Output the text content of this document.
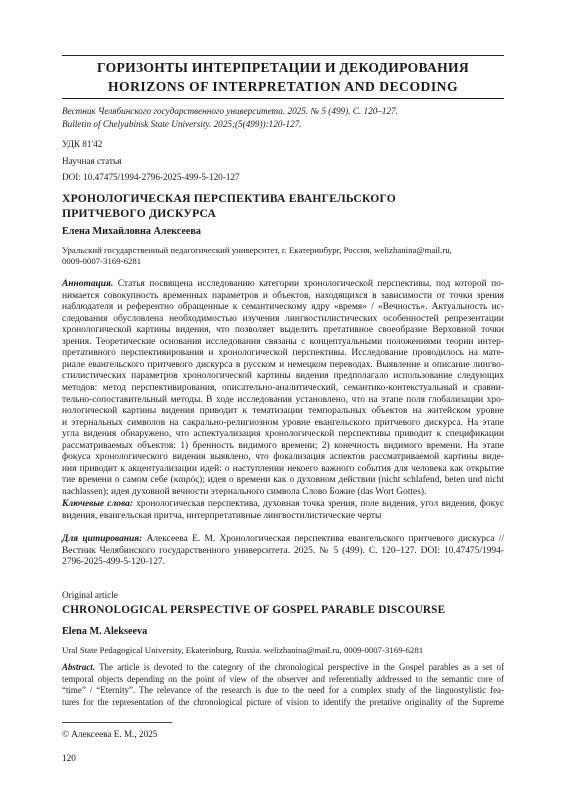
ГОРИЗОНТЫ ИНТЕРПРЕТАЦИИ И ДЕКОДИРОВАНИЯ
HORIZONS OF INTERPRETATION AND DECODING
Вестник Челябинского государственного университета. 2025. № 5 (499). С. 120–127.
Bulletin of Chelyabinsk State University. 2025;(5(499)):120-127.
УДК 81'42
Научная статья
DOI: 10.47475/1994-2796-2025-499-5-120-127
ХРОНОЛОГИЧЕСКАЯ ПЕРСПЕКТИВА ЕВАНГЕЛЬСКОГО
ПРИТЧЕВОГО ДИСКУРСА
Елена Михайловна Алексеева
Уральский государственный педагогический университет, г. Екатеринбург, Россия, welizhanina@mail.ru,
0009-0007-3169-6281
Аннотация. Статья посвящена исследованию категории хронологической перспективы, под которой по-
нимается совокупность временных параметров и объектов, находящихся в зависимости от точки зрения
наблюдателя и референтно обращенные к семантическому ядру «время» / «Вечность». Актуальность ис-
следования обусловлена необходимостью изучения лингвостилистических особенностей репрезентации
хронологической картины видения, что позволяет выделить претативное своеобразие Верховной точки
зрения. Теоретические основания исследования связаны с концептуальными положениями теории интер-
претативного перспективирования и хронологической перспективы. Исследование проводилось на мате-
риале евангельского притчевого дискурса в русском и немецком переводах. Выявление и описание лингво-
стилистических параметров хронологической картины видения предполагало использование следующих
методов: метод перспективирования, описательно-аналитический, семантико-контекстуальный и сравни-
тельно-сопоставительный методы. В ходе исследования установлено, что на этапе поля глобализации хро-
нологической картины видения приводит к тематизации темпоральных объектов на житейском уровне
и этернальных символов на сакрально-религиозном уровне евангельского притчевого дискурса. На этапе
угла видения обнаружено, что аспектуализация хронологической перспективы приводит к спецификации
рассматриваемых объектов: 1) бренность видимого времени; 2) конечность видимого времени. На этапе
фокуса хронологического видения выявлено, что фокализация аспектов рассматриваемой картины виде-
ния приводит к акцентуализации идей: о наступлении некоего важного события для человека как открытие
тие времени о самом себе (καιρός); идея о времени как о духовном действии (nicht schlafend, beten und nicht
nachlassen); идея духовной вечности этернального символа Слово Божие (das Wort Gottes).
Ключевые слова: хронологическая перспектива, духовная точка зрения, поле видения, угол видения, фокус
видения, евангельская притча, интерпретативные лингвостилистические черты
Для цитирования: Алексеева Е. М. Хронологическая перспектива евангельского притчевого дискурса //
Вестник Челябинского государственного университета. 2025. № 5 (499). С. 120–127. DOI: 10.47475/1994-
2796-2025-499-5-120-127.
Original article
CHRONOLOGICAL PERSPECTIVE OF GOSPEL PARABLE DISCOURSE
Elena M. Alekseeva
Ural State Pedagogical University, Ekaterinburg, Russia. welizhanina@mail.ru, 0009-0007-3169-6281
Abstract. The article is devoted to the category of the chronological perspective in the Gospel parables as a set of
temporal objects depending on the point of view of the observer and referentially addressed to the semantic core of
“time” / “Eternity”. The relevance of the research is due to the need for a complex study of the linguostylistic fea-
tures for the representation of the chronological picture of vision to identify the pretative originality of the Supreme
© Алексеева Е. М., 2025
120
